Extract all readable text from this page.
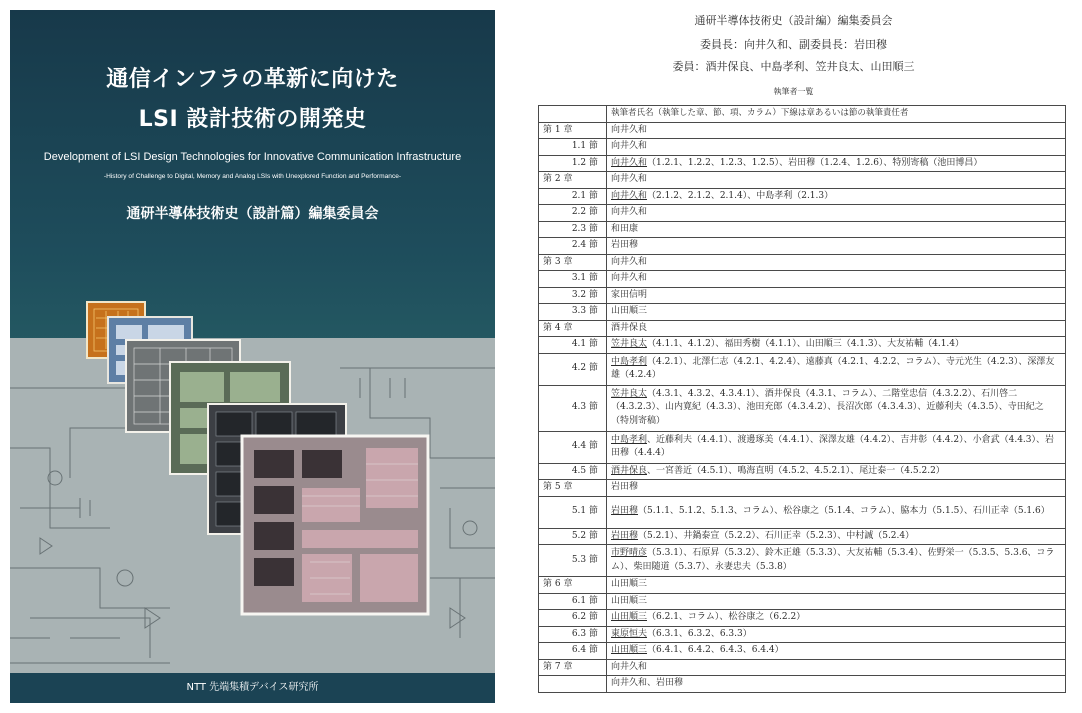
通信インフラの革新に向けた
LSI 設計技術の開発史
Development of LSI Design Technologies for Innovative Communication Infrastructure
-History of Challenge to Digital, Memory and Analog LSIs with Unexplored Function and Performance-
通研半導体技術史（設計篇）編集委員会
NTT 先端集積デバイス研究所
通研半導体技術史（設計編）編集委員会
委員長：向井久和、副委員長：岩田穆
委員：酒井保良、中島孝利、笠井良太、山田順三
執筆者一覧
	執筆者氏名（執筆した章、節、項、カラム）下線は章あるいは節の執筆責任者
第 1 章	向井久和
1.1 節	向井久和
1.2 節	向井久和（1.2.1、1.2.2、1.2.3、1.2.5）、岩田穆（1.2.4、1.2.6）、特別寄稿（池田博昌）
第 2 章	向井久和
2.1 節	向井久和（2.1.2、2.1.2、2.1.4）、中島孝利（2.1.3）
2.2 節	向井久和
2.3 節	和田康
2.4 節	岩田穆
第 3 章	向井久和
3.1 節	向井久和
3.2 節	家田信明
3.3 節	山田順三
第 4 章	酒井保良
4.1 節	笠井良太（4.1.1、4.1.2）、福田秀樹（4.1.1）、山田順三（4.1.3）、大友祐輔（4.1.4）
4.2 節	中島孝利（4.2.1）、北澤仁志（4.2.1、4.2.4）、遠藤真（4.2.1、4.2.2、コラム）、寺元光生（4.2.3）、深澤友雄（4.2.4）
4.3 節	笠井良太（4.3.1、4.3.2、4.3.4.1）、酒井保良（4.3.1、コラム）、二階堂忠信（4.3.2.2）、石川啓二（4.3.2.3）、山内寛紀（4.3.3）、池田充郎（4.3.4.2）、長沼次郎（4.3.4.3）、近藤利夫（4.3.5）、寺田紀之（特別寄稿）
4.4 節	中島孝利、近藤利夫（4.4.1）、渡邊琢美（4.4.1）、深澤友雄（4.4.2）、吉井彰（4.4.2）、小倉武（4.4.3）、岩田穆（4.4.4）
4.5 節	酒井保良、一宮善近（4.5.1）、鳴海直明（4.5.2、4.5.2.1）、尾辻泰一（4.5.2.2）
第 5 章	岩田穆
5.1 節	岩田穆（5.1.1、5.1.2、5.1.3、コラム）、松谷康之（5.1.4、コラム）、脇本力（5.1.5）、石川正幸（5.1.6）
5.2 節	岩田穆（5.2.1）、井鍋泰宣（5.2.2）、石川正幸（5.2.3）、中村誠（5.2.4）
5.3 節	市野晴彦（5.3.1）、石原昇（5.3.2）、鈴木正雄（5.3.3）、大友祐輔（5.3.4）、佐野栄一（5.3.5、5.3.6、コラム）、柴田随道（5.3.7）、永妻忠夫（5.3.8）
第 6 章	山田順三
6.1 節	山田順三
6.2 節	山田順三（6.2.1、コラム）、松谷康之（6.2.2）
6.3 節	東原恒夫（6.3.1、6.3.2、6.3.3）
6.4 節	山田順三（6.4.1、6.4.2、6.4.3、6.4.4）
第 7 章	向井久和
	向井久和、岩田穆
